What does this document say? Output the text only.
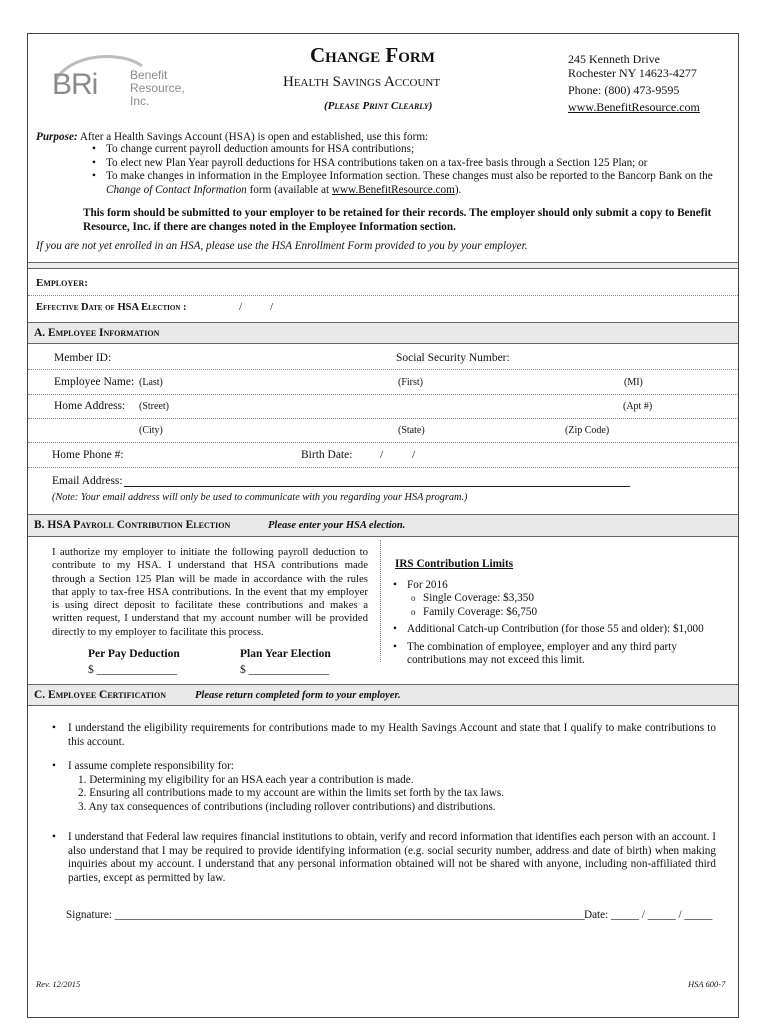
BRi	Benefit
Resource,
Inc.
Change Form
Health Savings Account
(Please Print Clearly)
245 Kenneth Drive
Rochester NY 14623-4277
Phone: (800) 473-9595
www.BenefitResource.com
Purpose: After a Health Savings Account (HSA) is open and established, use this form:
• To change current payroll deduction amounts for HSA contributions;
• To elect new Plan Year payroll deductions for HSA contributions taken on a tax-free basis through a Section 125 Plan; or
• To make changes in information in the Employee Information section. These changes must also be reported to the Bancorp Bank on the
Change of Contact Information form (available at www.BenefitResource.com).
This form should be submitted to your employer to be retained for their records. The employer should only submit a copy to Benefit Resource, Inc. if there are changes noted in the Employee Information section.
If you are not yet enrolled in an HSA, please use the HSA Enrollment Form provided to you by your employer.
Employer:
Effective Date of HSA Election :	/	/
A. Employee Information
Member ID:	Social Security Number:
Employee Name: (Last)	(First)	(MI)
Home Address: (Street)	(Apt #)
(City)	(State)	(Zip Code)
Home Phone #:	Birth Date: /	/
Email Address:
(Note: Your email address will only be used to communicate with you regarding your HSA program.)
B. HSA Payroll Contribution Election	Please enter your HSA election.
I authorize my employer to initiate the following payroll deduction to contribute to my HSA. I understand that HSA contributions made through a Section 125 Plan will be made in accordance with the rules that apply to tax-free HSA contributions. In the event that my employer is using direct deposit to facilitate these contributions and makes a written request, I understand that my account number will be provided directly to my employer to facilitate this process.
Per Pay Deduction	Plan Year Election
$ ______________	$ ______________
IRS Contribution Limits
• For 2016
o Single Coverage: $3,350
o Family Coverage: $6,750
• Additional Catch-up Contribution (for those 55 and older): $1,000
• The combination of employee, employer and any third party contributions may not exceed this limit.
C. Employee Certification	Please return completed form to your employer.
• I understand the eligibility requirements for contributions made to my Health Savings Account and state that I qualify to make contributions to this account.
• I assume complete responsibility for:
1. Determining my eligibility for an HSA each year a contribution is made.
2. Ensuring all contributions made to my account are within the limits set forth by the tax laws.
3. Any tax consequences of contributions (including rollover contributions) and distributions.
• I understand that Federal law requires financial institutions to obtain, verify and record information that identifies each person with an account. I also understand that I may be required to provide identifying information (e.g. social security number, address and date of birth) when making inquiries about my account. I understand that any personal information obtained will not be shared with anyone, including non-affiliated third parties, except as permitted by law.
Signature: ____________________________________________________________________________________ Date: _____ / _____ / _____
Rev. 12/2015	HSA 600-7
